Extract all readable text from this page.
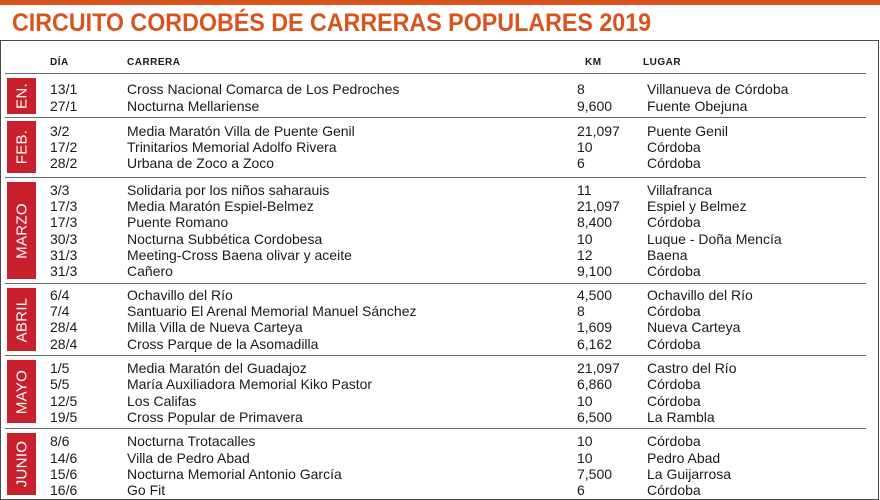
CIRCUITO CORDOBÉS DE CARRERAS POPULARES 2019
DÍA	CARRERA	KM	LUGAR
EN.
FEB.
MARZO
ABRIL
MAYO
JUNIO
13/1	Cross Nacional Comarca de Los Pedroches	8	Villanueva de Córdoba
27/1	Nocturna Mellariense	9,600 Fuente Obejuna
3/2	Media Maratón Villa de Puente Genil	21,097 Puente Genil
17/2	Trinitarios Memorial Adolfo Rivera	10	Córdoba
28/2	Urbana de Zoco a Zoco	6	Córdoba
3/3	Solidaria por los niños saharauis	11	Villafranca
17/3	Media Maratón Espiel-Belmez	21,097 Espiel y Belmez
17/3	Puente Romano	8,400 Córdoba
30/3	Nocturna Subbética Cordobesa	10	Luque - Doña Mencía
31/3	Meeting-Cross Baena olivar y aceite	12	Baena
31/3	Cañero	9,100 Córdoba
6/4	Ochavillo del Río	4,500 Ochavillo del Río
7/4	Santuario El Arenal Memorial Manuel Sánchez	8	Córdoba
28/4	Milla Villa de Nueva Carteya	1,609 Nueva Carteya
28/4	Cross Parque de la Asomadilla	6,162 Córdoba
1/5	Media Maratón del Guadajoz	21,097 Castro del Río
5/5	María Auxiliadora Memorial Kiko Pastor	6,860 Córdoba
12/5	Los Califas	10	Córdoba
19/5	Cross Popular de Primavera	6,500 La Rambla
8/6	Nocturna Trotacalles	10	Córdoba
14/6	Villa de Pedro Abad	10	Pedro Abad
15/6	Nocturna Memorial Antonio García	7,500 La Guijarrosa
16/6	Go Fit	6	Córdoba
